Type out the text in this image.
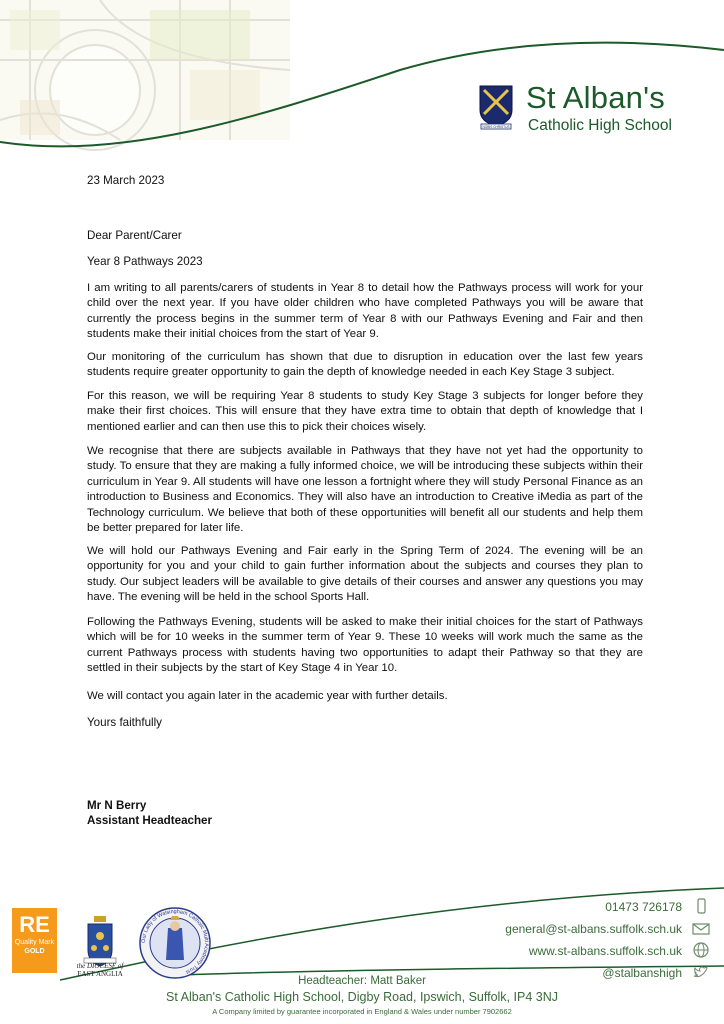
NOBIS CHRISTUS
St Alban's
Catholic High School
23 March 2023
Dear Parent/Carer
Year 8 Pathways 2023

I am writing to all parents/carers of students in Year 8 to detail how the Pathways process will work for your child over the next year. If you have older children who have completed Pathways you will be aware that currently the process begins in the summer term of Year 8 with our Pathways Evening and Fair and then students make their initial choices from the start of Year 9.

Our monitoring of the curriculum has shown that due to disruption in education over the last few years students require greater opportunity to gain the depth of knowledge needed in each Key Stage 3 subject.

For this reason, we will be requiring Year 8 students to study Key Stage 3 subjects for longer before they make their first choices. This will ensure that they have extra time to obtain that depth of knowledge that I mentioned earlier and can then use this to pick their choices wisely.

We recognise that there are subjects available in Pathways that they have not yet had the opportunity to study. To ensure that they are making a fully informed choice, we will be introducing these subjects within their curriculum in Year 9. All students will have one lesson a fortnight where they will study Personal Finance as an introduction to Business and Economics. They will also have an introduction to Creative iMedia as part of the Technology curriculum. We believe that both of these opportunities will benefit all our students and help them be better prepared for later life.

We will hold our Pathways Evening and Fair early in the Spring Term of 2024. The evening will be an opportunity for you and your child to gain further information about the subjects and courses they plan to study. Our subject leaders will be available to give details of their courses and answer any questions you may have. The evening will be held in the school Sports Hall.

Following the Pathways Evening, students will be asked to make their initial choices for the start of Pathways which will be for 10 weeks in the summer term of Year 9. These 10 weeks will work much the same as the current Pathways process with students having two opportunities to adapt their Pathway so that they are settled in their subjects by the start of Key Stage 4 in Year 10.

We will contact you again later in the academic year with further details.

Yours faithfully
Mr N Berry
Assistant Headteacher
RE
Quality Mark
GOLD
the DIOCESE of
EAST ANGLIA
Our Lady of Walsingham Catholic Multi Academy Trust
01473 726178
general@st-albans.suffolk.sch.uk
www.st-albans.suffolk.sch.uk
@stalbanshigh
Headteacher: Matt Baker
St Alban's Catholic High School, Digby Road, Ipswich, Suffolk, IP4 3NJ
A Company limited by guarantee incorporated in England & Wales under number 7902662
